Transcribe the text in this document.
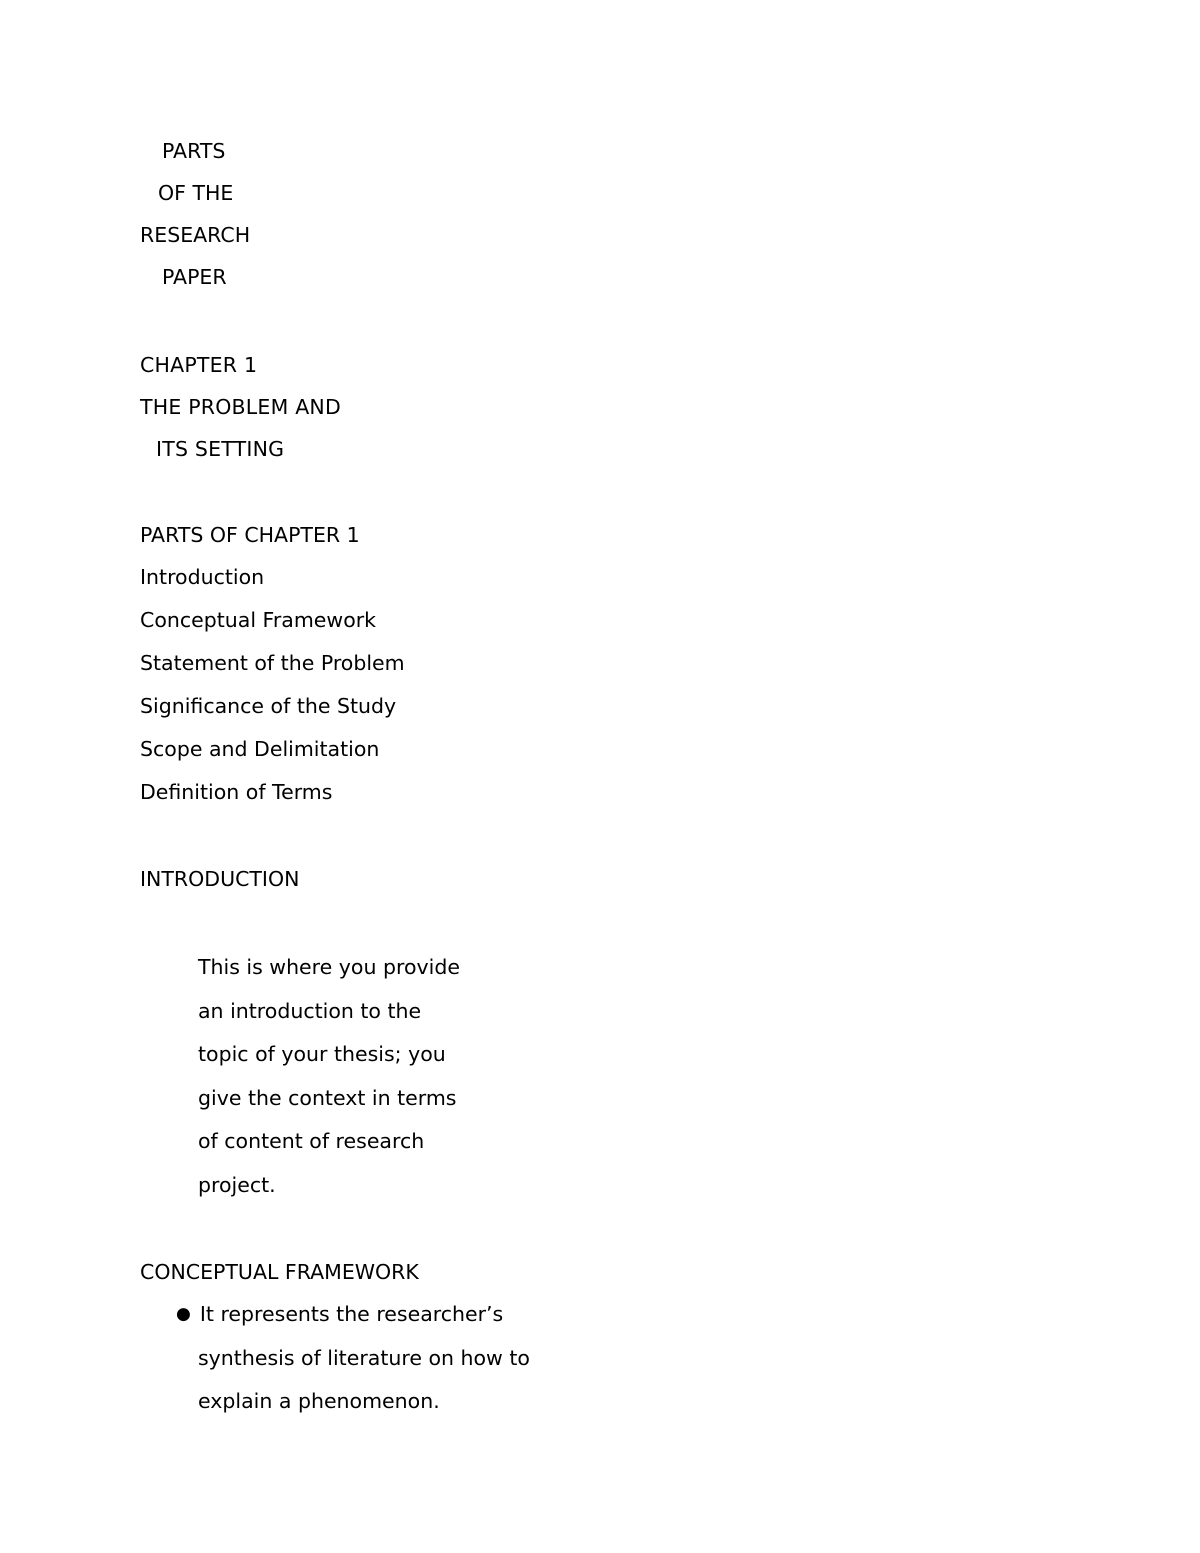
PARTS
OF THE
RESEARCH
PAPER
CHAPTER 1
THE PROBLEM AND
ITS SETTING
PARTS OF CHAPTER 1
Introduction
Conceptual Framework
Statement of the Problem
Significance of the Study
Scope and Delimitation
Definition of Terms
INTRODUCTION
This is where you provide
an introduction to the
topic of your thesis; you
give the context in terms
of content of research
project.
CONCEPTUAL FRAMEWORK
● It represents the researcher’s
synthesis of literature on how to
explain a phenomenon.
